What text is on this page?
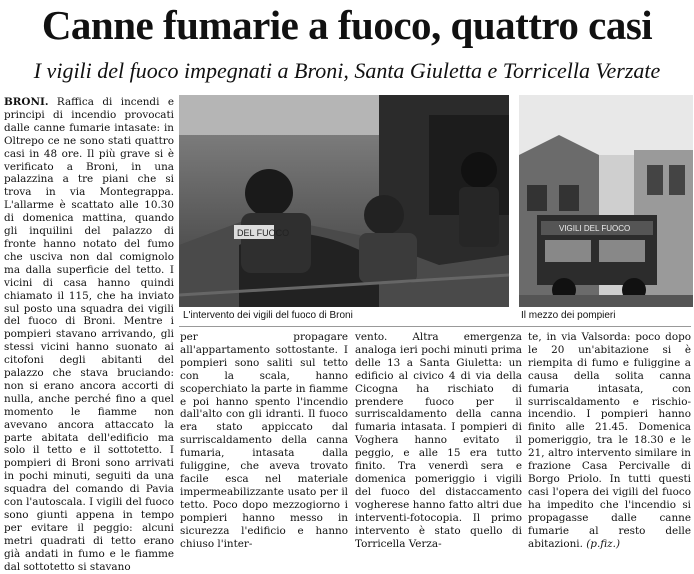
Canne fumarie a fuoco, quattro casi
I vigili del fuoco impegnati a Broni, Santa Giuletta e Torricella Verzate
BRONI. Raffica di incendi e principi di incendio provocati dalle canne fumarie intasate: in Oltrepo ce ne sono stati quattro casi in 48 ore. Il più grave si è verificato a Broni, in una palazzina a tre piani che si trova in via Montegrappa. L'allarme è scattato alle 10.30 di domenica mattina, quando gli inquilini del palazzo di fronte hanno notato del fumo che usciva non dal comignolo ma dalla superficie del tetto. I vicini di casa hanno quindi chiamato il 115, che ha inviato sul posto una squadra dei vigili del fuoco di Broni. Mentre i pompieri stavano arrivando, gli stessi vicini hanno suonato ai citofoni degli abitanti del palazzo che stava bruciando: non si erano ancora accorti di nulla, anche perché fino a quel momento le fiamme non avevano ancora attaccato la parte abitata dell'edificio ma solo il tetto e il sottotetto. I pompieri di Broni sono arrivati in pochi minuti, seguiti da una squadra del comando di Pavia con l'autoscala. I vigili del fuoco sono giunti appena in tempo per evitare il peggio: alcuni metri quadrati di tetto erano già andati in fumo e le fiamme dal sottotetto si stavano
DEL FUOCO
L'intervento dei vigili del fuoco di Broni
VIGILI DEL FUOCO
Il mezzo dei pompieri
per propagare all'appartamento sottostante. I pompieri sono saliti sul tetto con la scala, hanno scoperchiato la parte in fiamme e poi hanno spento l'incendio dall'alto con gli idranti. Il fuoco era stato appiccato dal surriscaldamento della canna fumaria, intasata dalla fuliggine, che aveva trovato facile esca nel materiale impermeabilizzante usato per il tetto. Poco dopo mezzogiorno i pompieri hanno messo in sicurezza l'edificio e hanno chiuso l'inter-
vento. Altra emergenza analoga ieri pochi minuti prima delle 13 a Santa Giuletta: un edificio al civico 4 di via della Cicogna ha rischiato di prendere fuoco per il surriscaldamento della canna fumaria intasata. I pompieri di Voghera hanno evitato il peggio, e alle 15 era tutto finito. Tra venerdì sera e domenica pomeriggio i vigili del fuoco del distaccamento vogherese hanno fatto altri due interventi-fotocopia. Il primo intervento è stato quello di Torricella Verza-
te, in via Valsorda: poco dopo le 20 un'abitazione si è riempita di fumo e fuliggine a causa della solita canna fumaria intasata, con surriscaldamento e rischio-incendio. I pompieri hanno finito alle 21.45. Domenica pomeriggio, tra le 18.30 e le 21, altro intervento similare in frazione Casa Percivalle di Borgo Priolo. In tutti questi casi l'opera dei vigili del fuoco ha impedito che l'incendio si propagasse dalle canne fumarie al resto delle abitazioni. (p.fiz.)
